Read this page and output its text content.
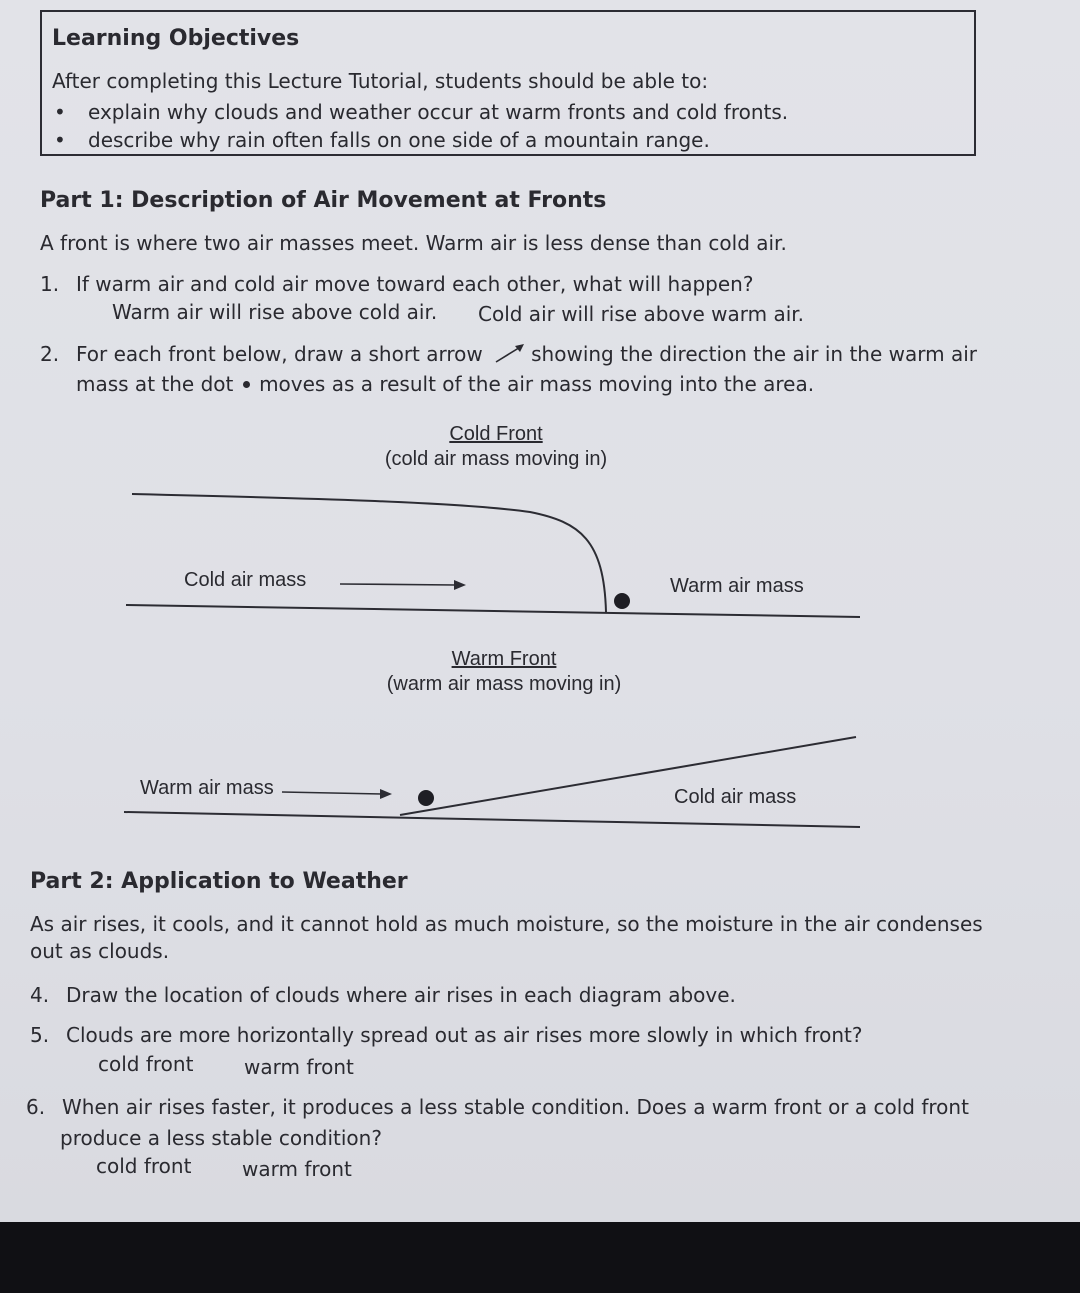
Learning Objectives
After completing this Lecture Tutorial, students should be able to:
• explain why clouds and weather occur at warm fronts and cold fronts.
• describe why rain often falls on one side of a mountain range.
Part 1: Description of Air Movement at Fronts
A front is where two air masses meet. Warm air is less dense than cold air.
1. If warm air and cold air move toward each other, what will happen?
Warm air will rise above cold air. Cold air will rise above warm air.
2. For each front below, draw a short arrow showing the direction the air in the warm air
mass at the dot moves as a result of the air mass moving into the area.
Cold Front
(cold air mass moving in)
Cold air mass	Warm air mass
Warm Front
(warm air mass moving in)
Warm air mass	Cold air mass
Part 2: Application to Weather
As air rises, it cools, and it cannot hold as much moisture, so the moisture in the air condenses
out as clouds.
4. Draw the location of clouds where air rises in each diagram above.
5. Clouds are more horizontally spread out as air rises more slowly in which front?
cold front	warm front
6. When air rises faster, it produces a less stable condition. Does a warm front or a cold front
produce a less stable condition?
cold front	warm front
